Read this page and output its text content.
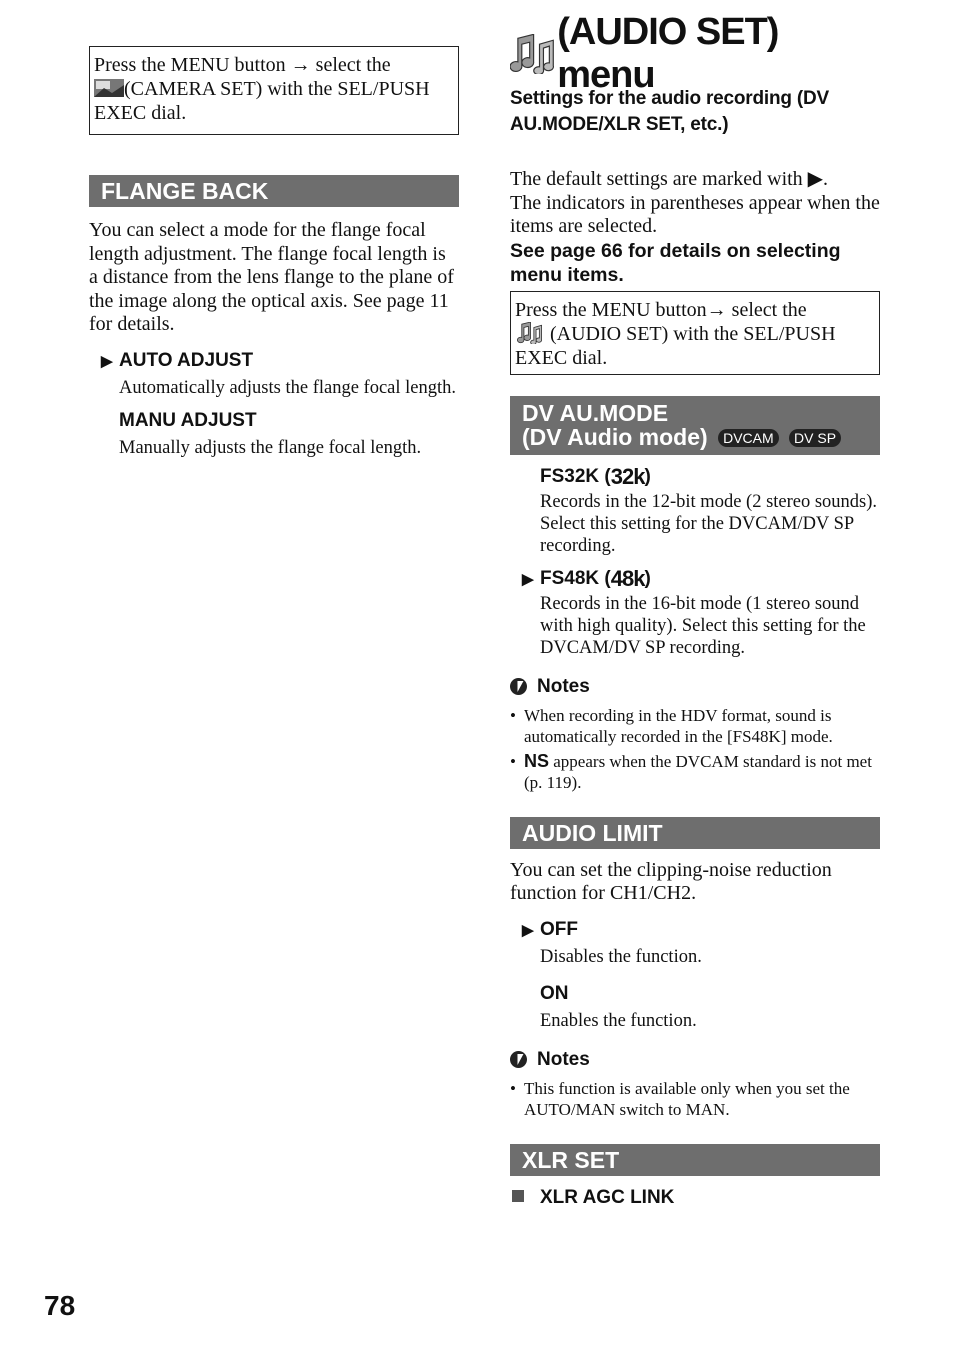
Press the MENU button → select the
(CAMERA SET) with the SEL/PUSH
EXEC dial.
FLANGE BACK

You can select a mode for the flange focal length adjustment. The flange focal length is a distance from the lens flange to the plane of the image along the optical axis. See page 11 for details.

▶ AUTO ADJUST

Automatically adjusts the flange focal length.

MANU ADJUST

Manually adjusts the flange focal length.

(AUDIO SET) menu

Settings for the audio recording (DV AU.MODE/XLR SET, etc.)

The default settings are marked with ▶.

The indicators in parentheses appear when the items are selected.

See page 66 for details on selecting menu items.

Press the MENU button→ select the
(AUDIO SET) with the SEL/PUSH
EXEC dial.
DV AU.MODE
(DV Audio mode) DVCAM DV SP
FS32K (32k)

Records in the 12-bit mode (2 stereo sounds). Select this setting for the DVCAM/DV SP recording.

▶ FS48K (48k)

Records in the 16-bit mode (1 stereo sound with high quality). Select this setting for the DVCAM/DV SP recording.

Notes

• When recording in the HDV format, sound is automatically recorded in the [FS48K] mode.

• NS appears when the DVCAM standard is not met (p. 119).

AUDIO LIMIT

You can set the clipping-noise reduction function for CH1/CH2.

▶ OFF

Disables the function.

ON

Enables the function.

Notes

• This function is available only when you set the AUTO/MAN switch to MAN.

XLR SET
XLR AGC LINK
78
